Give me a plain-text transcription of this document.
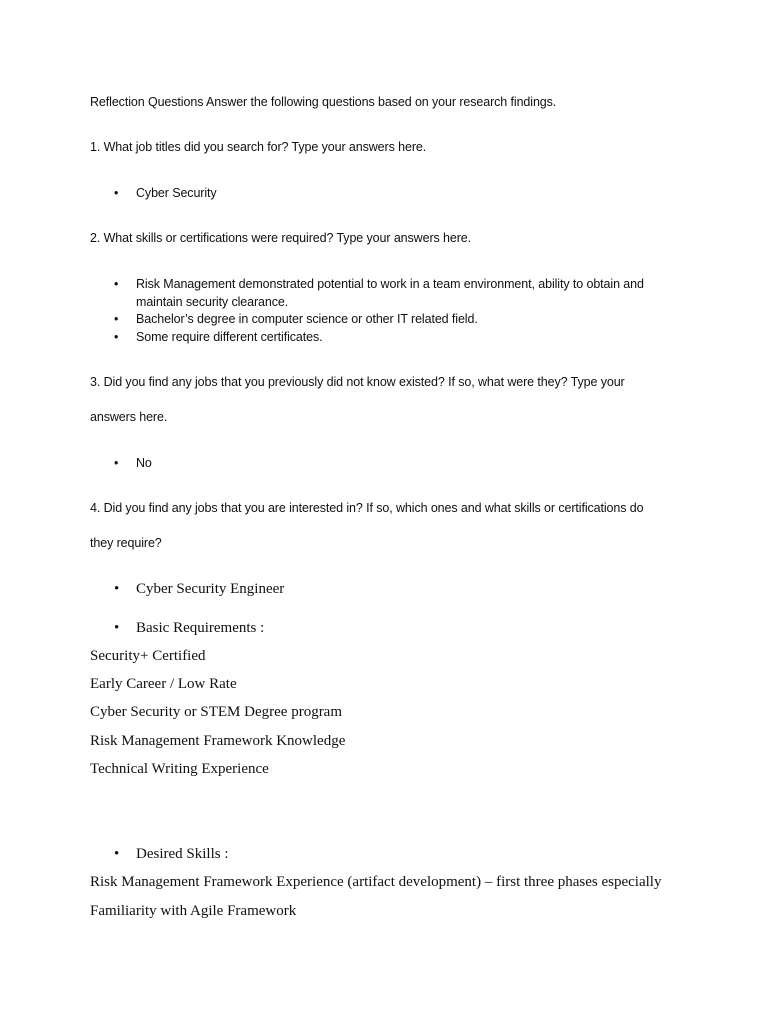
Reflection Questions Answer the following questions based on your research findings.
1. What job titles did you search for? Type your answers here.
•	Cyber Security
2. What skills or certifications were required? Type your answers here.
•	Risk Management demonstrated potential to work in a team environment, ability to obtain and
maintain security clearance.
•	Bachelor’s degree in computer science or other IT related field.
•	Some require different certificates.
3. Did you find any jobs that you previously did not know existed? If so, what were they? Type your
answers here.
•	No
4. Did you find any jobs that you are interested in? If so, which ones and what skills or certifications do
they require?
•	Cyber Security Engineer
•	Basic Requirements :
Security+ Certified
Early Career / Low Rate
Cyber Security or STEM Degree program
Risk Management Framework Knowledge
Technical Writing Experience
•	Desired Skills :
Risk Management Framework Experience (artifact development) – first three phases especially
Familiarity with Agile Framework
